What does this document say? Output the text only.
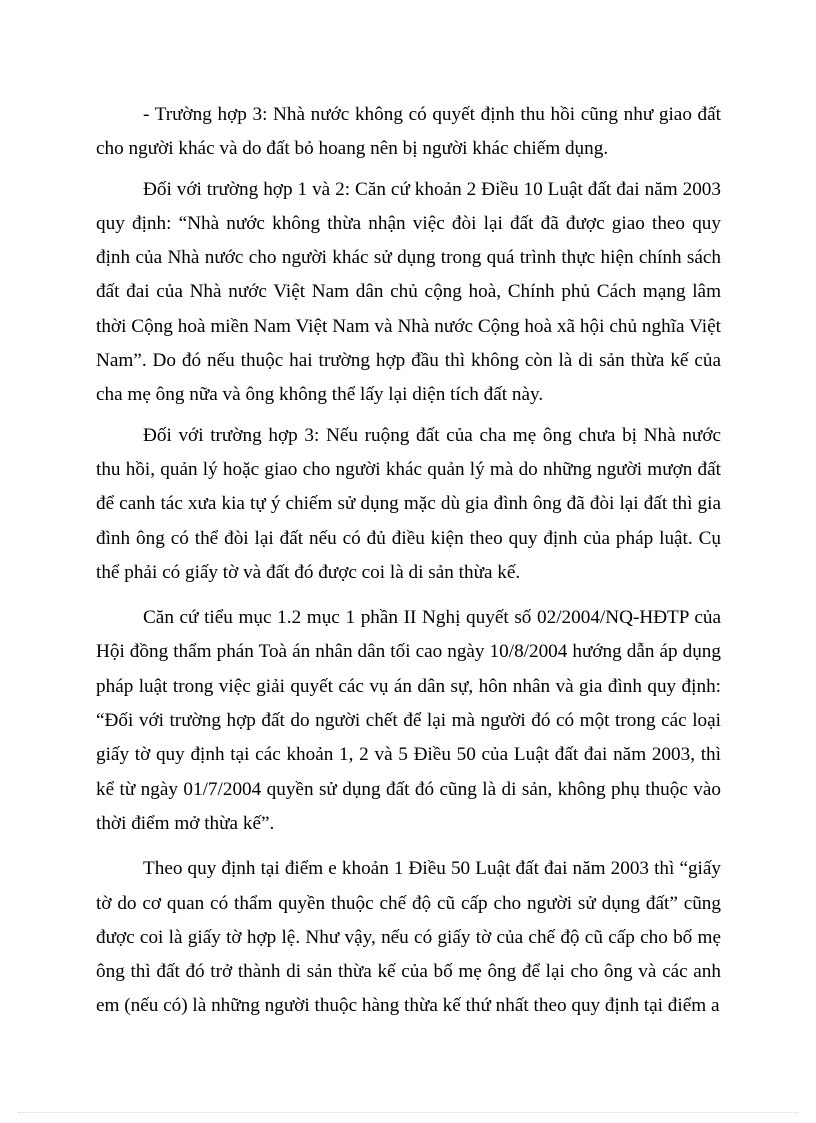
- Trường hợp 3: Nhà nước không có quyết định thu hồi cũng như giao đất cho người khác và do đất bỏ hoang nên bị người khác chiếm dụng.

Đối với trường hợp 1 và 2: Căn cứ khoản 2 Điều 10 Luật đất đai năm 2003 quy định: “Nhà nước không thừa nhận việc đòi lại đất đã được giao theo quy định của Nhà nước cho người khác sử dụng trong quá trình thực hiện chính sách đất đai của Nhà nước Việt Nam dân chủ cộng hoà, Chính phủ Cách mạng lâm thời Cộng hoà miền Nam Việt Nam và Nhà nước Cộng hoà xã hội chủ nghĩa Việt Nam”. Do đó nếu thuộc hai trường hợp đầu thì không còn là di sản thừa kế của cha mẹ ông nữa và ông không thể lấy lại diện tích đất này.

Đối với trường hợp 3: Nếu ruộng đất của cha mẹ ông chưa bị Nhà nước thu hồi, quản lý hoặc giao cho người khác quản lý mà do những người mượn đất để canh tác xưa kia tự ý chiếm sử dụng mặc dù gia đình ông đã đòi lại đất thì gia đình ông có thể đòi lại đất nếu có đủ điều kiện theo quy định của pháp luật. Cụ thể phải có giấy tờ và đất đó được coi là di sản thừa kế.

Căn cứ tiểu mục 1.2 mục 1 phần II Nghị quyết số 02/2004/NQ-HĐTP của Hội đồng thẩm phán Toà án nhân dân tối cao ngày 10/8/2004 hướng dẫn áp dụng pháp luật trong việc giải quyết các vụ án dân sự, hôn nhân và gia đình quy định: “Đối với trường hợp đất do người chết để lại mà người đó có một trong các loại giấy tờ quy định tại các khoản 1, 2 và 5 Điều 50 của Luật đất đai năm 2003, thì kể từ ngày 01/7/2004 quyền sử dụng đất đó cũng là di sản, không phụ thuộc vào thời điểm mở thừa kế”.

Theo quy định tại điểm e khoản 1 Điều 50 Luật đất đai năm 2003 thì “giấy tờ do cơ quan có thẩm quyền thuộc chế độ cũ cấp cho người sử dụng đất” cũng được coi là giấy tờ hợp lệ. Như vậy, nếu có giấy tờ của chế độ cũ cấp cho bố mẹ ông thì đất đó trở thành di sản thừa kế của bố mẹ ông để lại cho ông và các anh em (nếu có) là những người thuộc hàng thừa kế thứ nhất theo quy định tại điểm a
